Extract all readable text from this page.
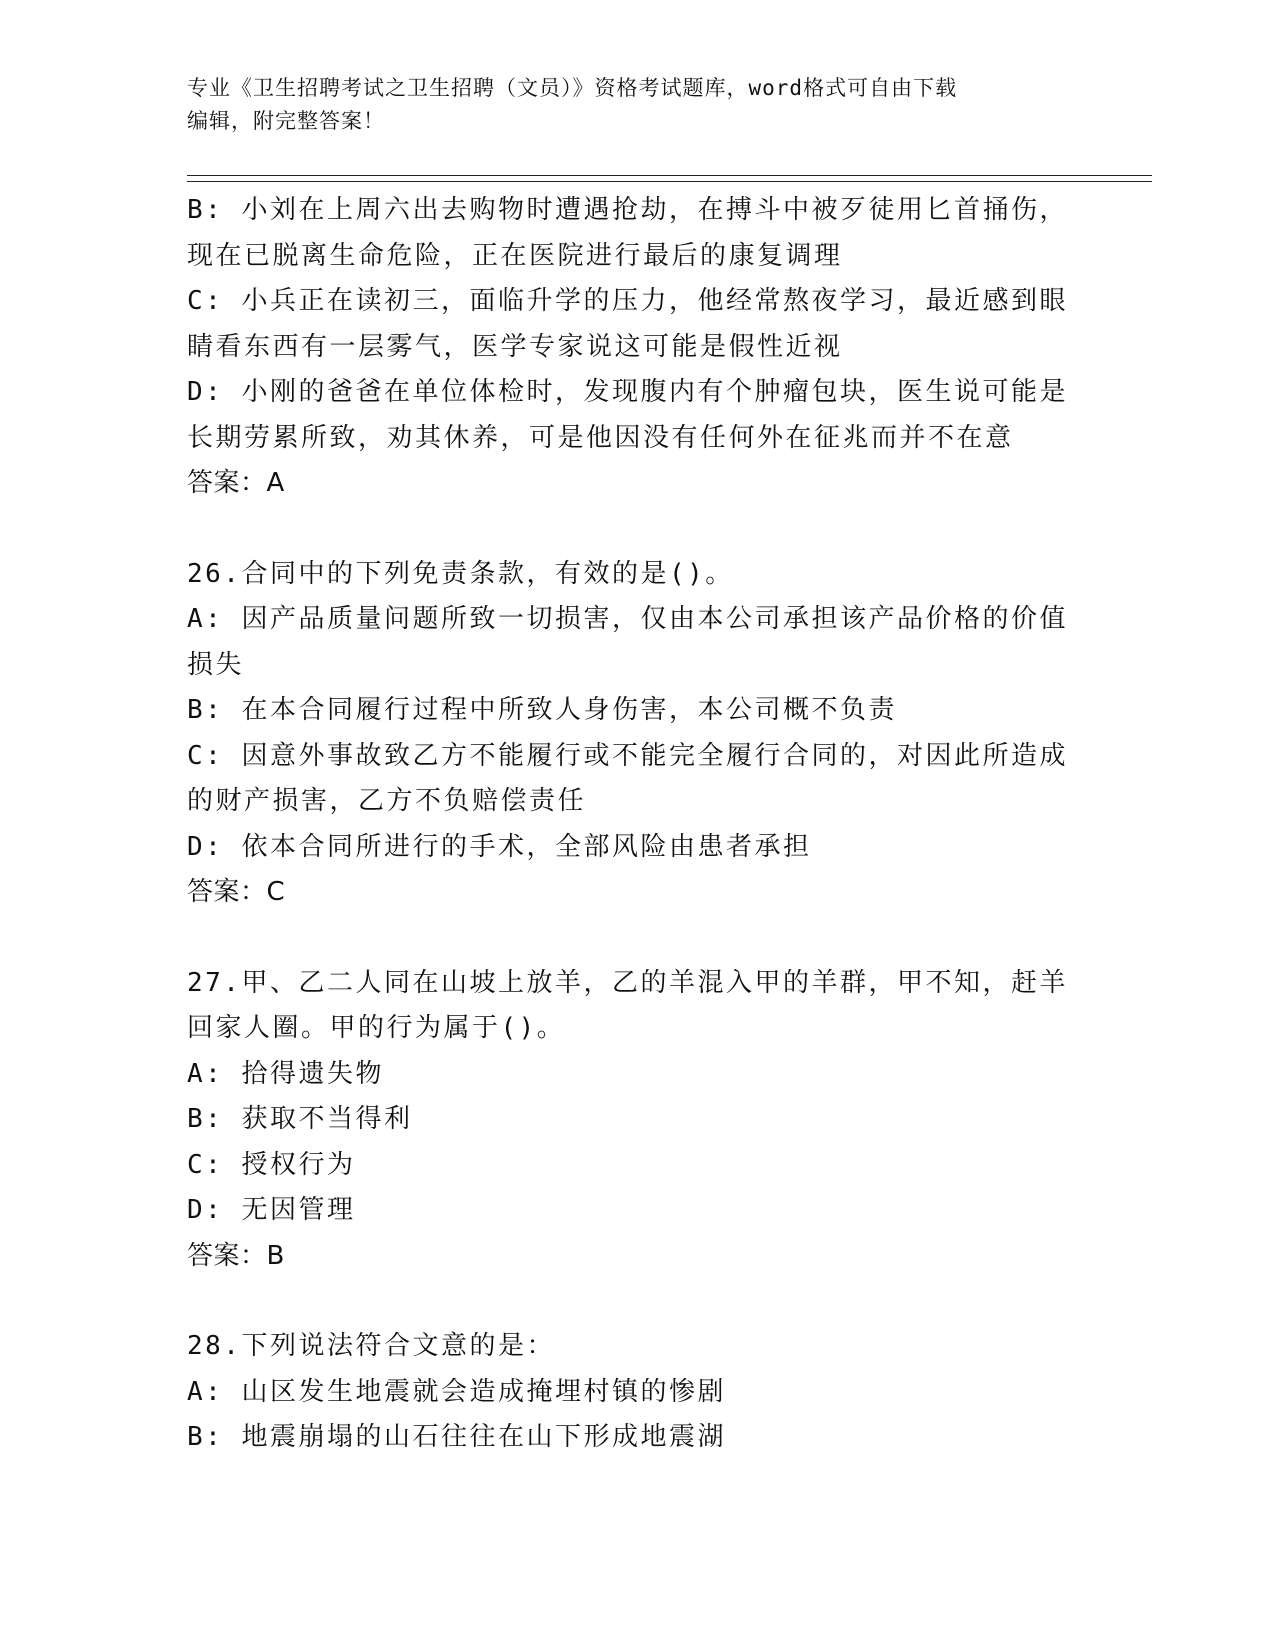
专业《卫生招聘考试之卫生招聘（文员）》资格考试题库，word格式可自由下载
编辑，附完整答案！
B: 小刘在上周六出去购物时遭遇抢劫，在搏斗中被歹徒用匕首捅伤，
现在已脱离生命危险，正在医院进行最后的康复调理
C: 小兵正在读初三，面临升学的压力，他经常熬夜学习，最近感到眼
睛看东西有一层雾气，医学专家说这可能是假性近视
D: 小刚的爸爸在单位体检时，发现腹内有个肿瘤包块，医生说可能是
长期劳累所致，劝其休养，可是他因没有任何外在征兆而并不在意
答案：A
26.合同中的下列免责条款，有效的是()。
A: 因产品质量问题所致一切损害，仅由本公司承担该产品价格的价值
损失
B: 在本合同履行过程中所致人身伤害，本公司概不负责
C: 因意外事故致乙方不能履行或不能完全履行合同的，对因此所造成
的财产损害，乙方不负赔偿责任
D: 依本合同所进行的手术，全部风险由患者承担
答案：C
27.甲、乙二人同在山坡上放羊，乙的羊混入甲的羊群，甲不知，赶羊
回家人圈。甲的行为属于()。
A: 拾得遗失物
B: 获取不当得利
C: 授权行为
D: 无因管理
答案：B
28.下列说法符合文意的是：
A: 山区发生地震就会造成掩埋村镇的惨剧
B: 地震崩塌的山石往往在山下形成地震湖
